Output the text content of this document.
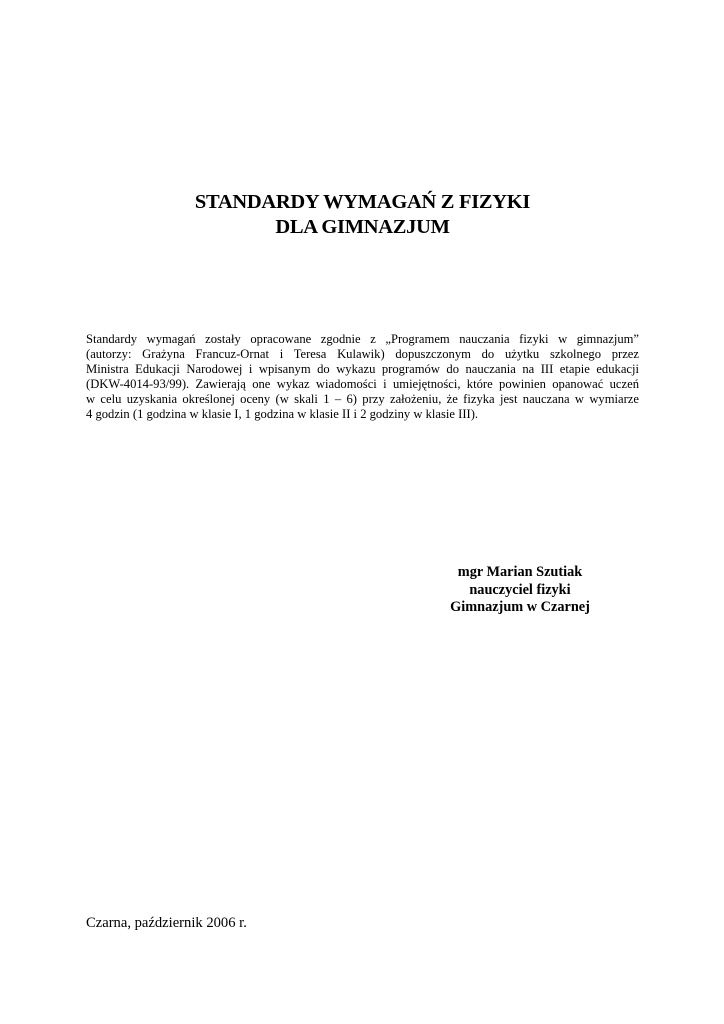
STANDARDY WYMAGAŃ Z FIZYKI
DLA GIMNAZJUM
Standardy wymagań zostały opracowane zgodnie z „Programem nauczania fizyki w gimnazjum”
(autorzy: Grażyna Francuz-Ornat i Teresa Kulawik) dopuszczonym do użytku szkolnego przez
Ministra Edukacji Narodowej i wpisanym do wykazu programów do nauczania na III etapie edukacji
(DKW-4014-93/99). Zawierają one wykaz wiadomości i umiejętności, które powinien opanować uczeń
w celu uzyskania określonej oceny (w skali 1 – 6) przy założeniu, że fizyka jest nauczana w wymiarze
4 godzin (1 godzina w klasie I, 1 godzina w klasie II i 2 godziny w klasie III).
mgr Marian Szutiak
nauczyciel fizyki
Gimnazjum w Czarnej
Czarna, październik 2006 r.
